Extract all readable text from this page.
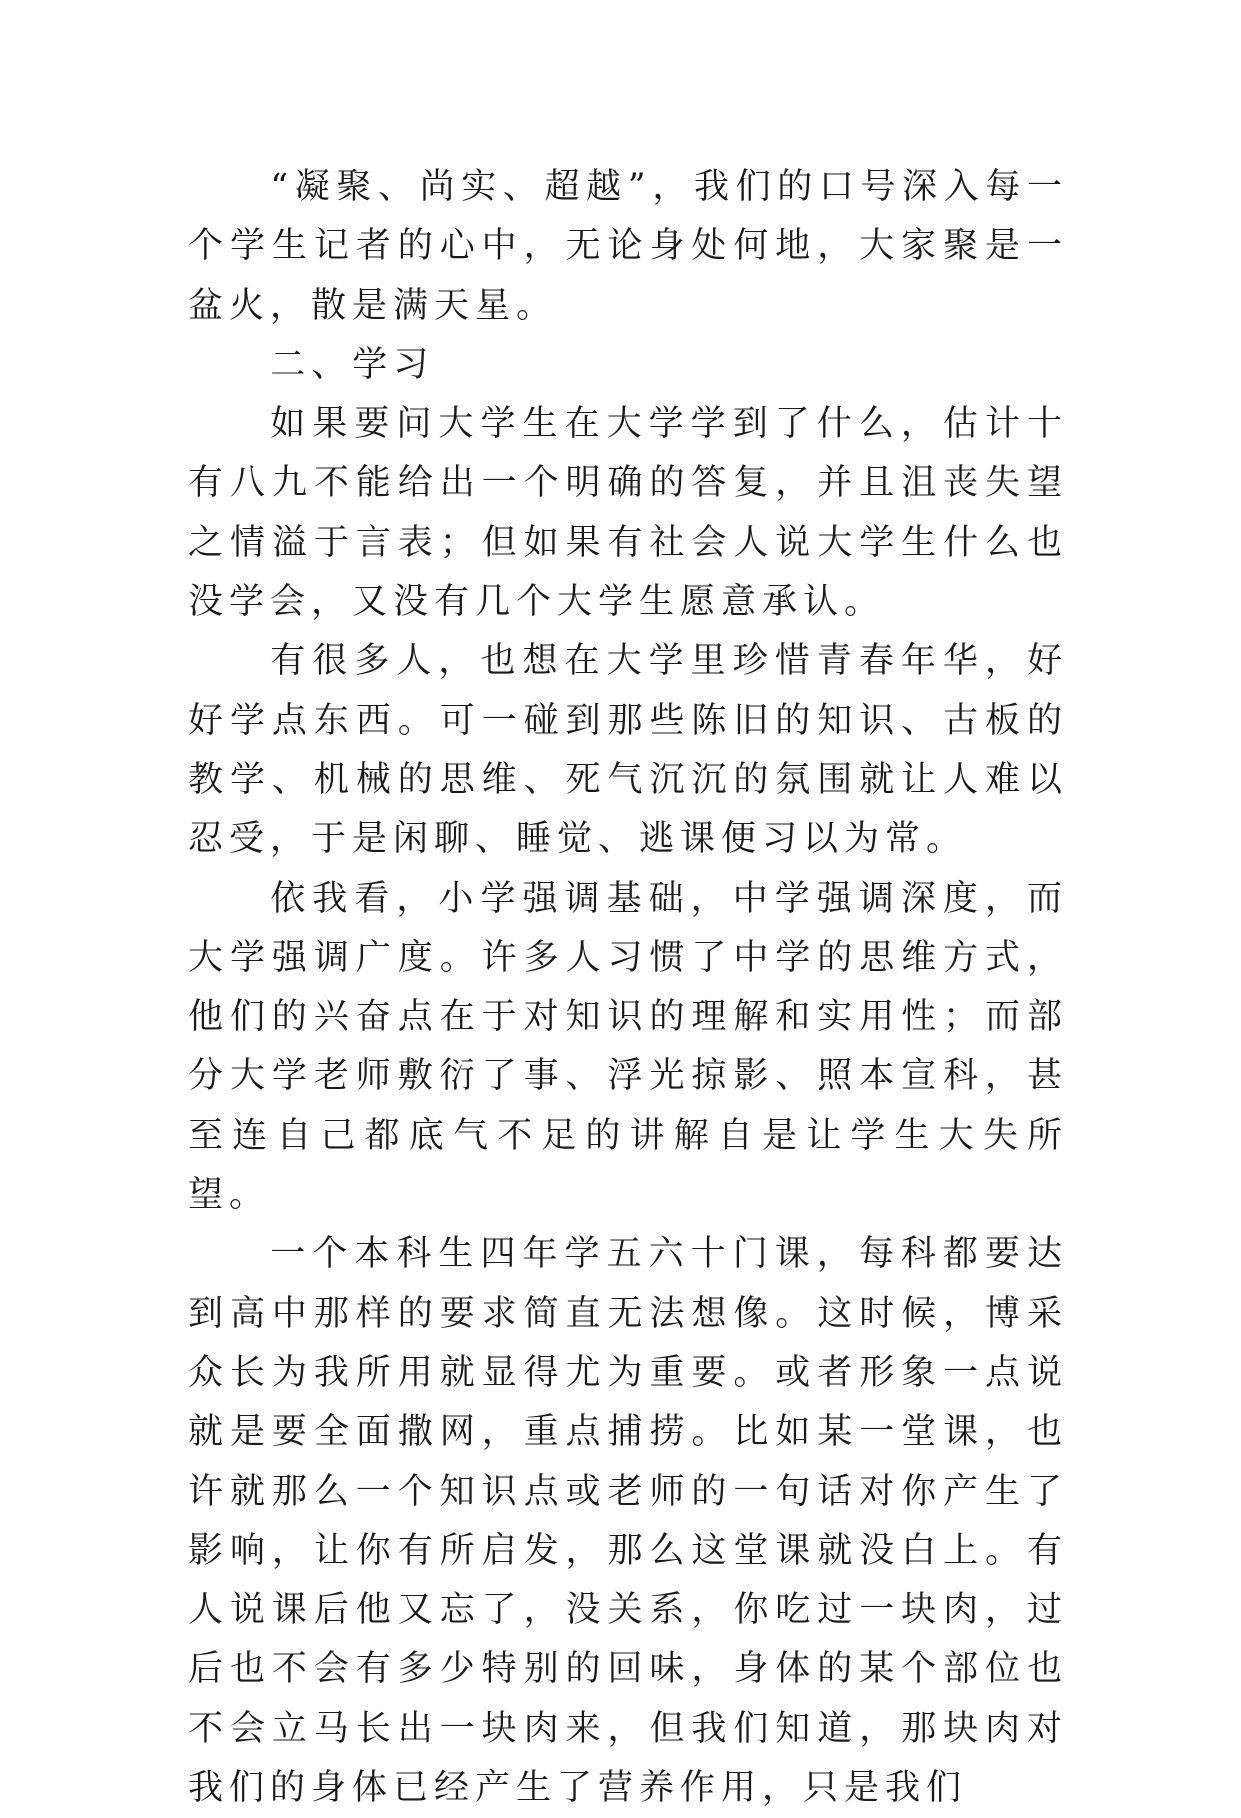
“凝聚、尚实、超越”，我们的口号深入每一个学生记者的心中，无论身处何地，大家聚是一盆火，散是满天星。

二、学习

如果要问大学生在大学学到了什么，估计十有八九不能给出一个明确的答复，并且沮丧失望之情溢于言表；但如果有社会人说大学生什么也没学会，又没有几个大学生愿意承认。

有很多人，也想在大学里珍惜青春年华，好好学点东西。可一碰到那些陈旧的知识、古板的教学、机械的思维、死气沉沉的氛围就让人难以忍受，于是闲聊、睡觉、逃课便习以为常。

依我看，小学强调基础，中学强调深度，而大学强调广度。许多人习惯了中学的思维方式，他们的兴奋点在于对知识的理解和实用性；而部分大学老师敷衍了事、浮光掠影、照本宣科，甚至连自己都底气不足的讲解自是让学生大失所望。

一个本科生四年学五六十门课，每科都要达到高中那样的要求简直无法想像。这时候，博采众长为我所用就显得尤为重要。或者形象一点说就是要全面撒网，重点捕捞。比如某一堂课，也许就那么一个知识点或老师的一句话对你产生了影响，让你有所启发，那么这堂课就没白上。有人说课后他又忘了，没关系，你吃过一块肉，过后也不会有多少特别的回味，身体的某个部位也不会立马长出一块肉来，但我们知道，那块肉对我们的身体已经产生了营养作用，只是我们
